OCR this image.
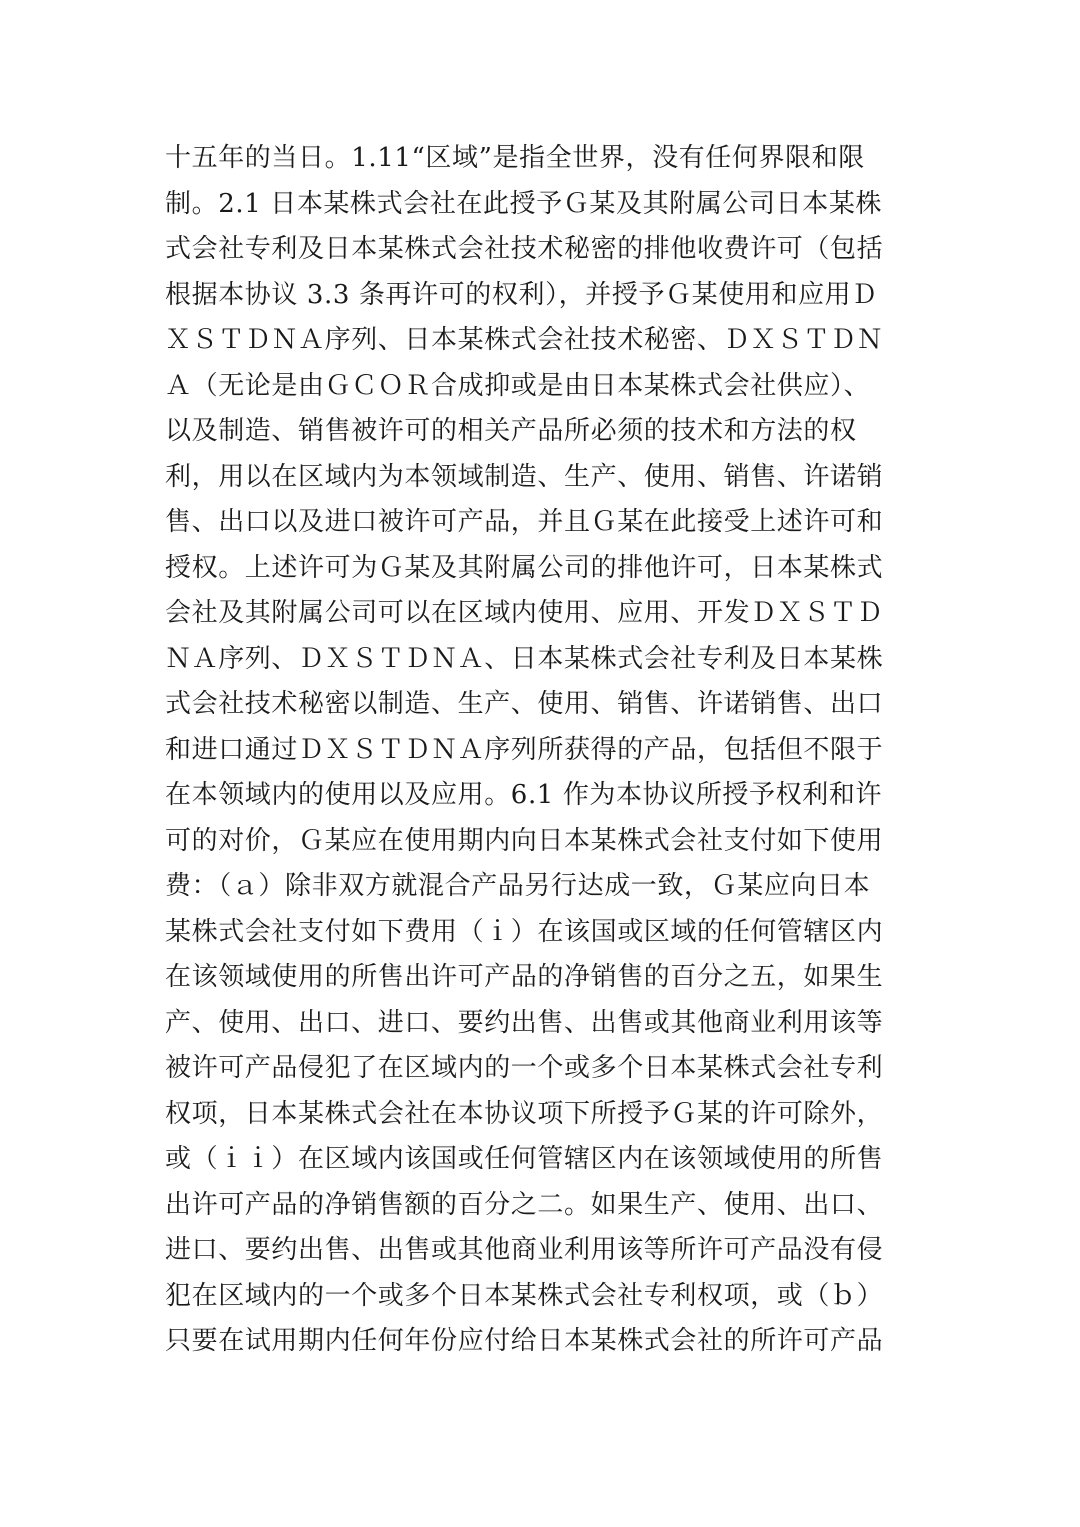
十五年的当日。1.11“区域”是指全世界，没有任何界限和限
制。2.1 日本某株式会社在此授予Ｇ某及其附属公司日本某株
式会社专利及日本某株式会社技术秘密的排他收费许可（包括
根据本协议 3.3 条再许可的权利），并授予Ｇ某使用和应用Ｄ
ＸＳＴＤＮＡ序列、日本某株式会社技术秘密、ＤＸＳＴＤＮ
Ａ（无论是由ＧＣＯＲ合成抑或是由日本某株式会社供应）、
以及制造、销售被许可的相关产品所必须的技术和方法的权
利，用以在区域内为本领域制造、生产、使用、销售、许诺销
售、出口以及进口被许可产品，并且Ｇ某在此接受上述许可和
授权。上述许可为Ｇ某及其附属公司的排他许可，日本某株式
会社及其附属公司可以在区域内使用、应用、开发ＤＸＳＴＤ
ＮＡ序列、ＤＸＳＴＤＮＡ、日本某株式会社专利及日本某株
式会社技术秘密以制造、生产、使用、销售、许诺销售、出口
和进口通过ＤＸＳＴＤＮＡ序列所获得的产品，包括但不限于
在本领域内的使用以及应用。6.1 作为本协议所授予权利和许
可的对价，Ｇ某应在使用期内向日本某株式会社支付如下使用
费：（ａ）除非双方就混合产品另行达成一致，Ｇ某应向日本
某株式会社支付如下费用（ｉ）在该国或区域的任何管辖区内
在该领域使用的所售出许可产品的净销售的百分之五，如果生
产、使用、出口、进口、要约出售、出售或其他商业利用该等
被许可产品侵犯了在区域内的一个或多个日本某株式会社专利
权项，日本某株式会社在本协议项下所授予Ｇ某的许可除外，
或（ｉｉ）在区域内该国或任何管辖区内在该领域使用的所售
出许可产品的净销售额的百分之二。如果生产、使用、出口、
进口、要约出售、出售或其他商业利用该等所许可产品没有侵
犯在区域内的一个或多个日本某株式会社专利权项，或（ｂ）
只要在试用期内任何年份应付给日本某株式会社的所许可产品
